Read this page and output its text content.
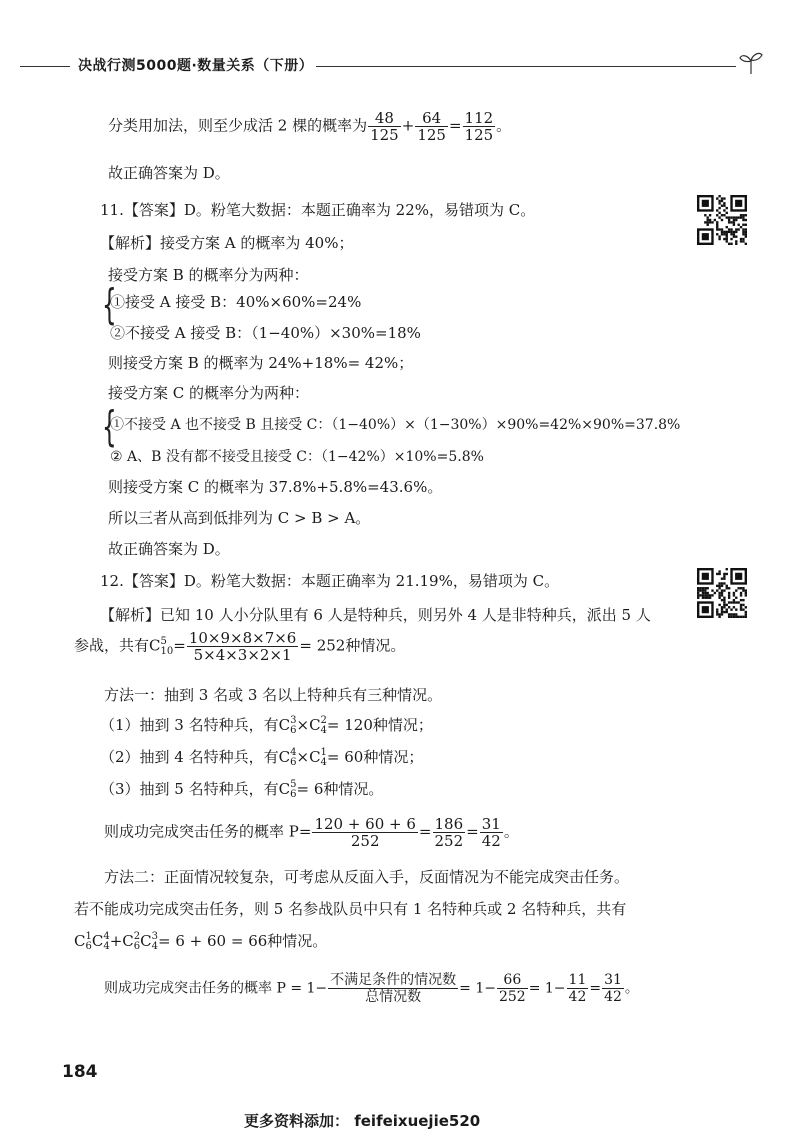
决战行测5000题·数量关系（下册）
分类用加法，则至少成活 2 棵的概率为 $\frac{48}{125} + \frac{64}{125} = \frac{112}{125}$ 。
故正确答案为 D。
11.【答案】D。粉笔大数据：本题正确率为 22%，易错项为 C。
【解析】接受方案 A 的概率为 40%；
接受方案 B 的概率分为两种：
{
①接受 A 接受 B：40%×60%=24%
②不接受 A 接受 B：（1−40%）×30%=18%
则接受方案 B 的概率为 24%+18%= 42%；
接受方案 C 的概率分为两种：
{
①不接受 A 也不接受 B 且接受 C：（1−40%）×（1−30%）×90%=42%×90%=37.8%
② A、B 没有都不接受且接受 C：（1−42%）×10%=5.8%
则接受方案 C 的概率为 37.8%+5.8%=43.6%。
所以三者从高到低排列为 C > B > A。
故正确答案为 D。
12.【答案】D。粉笔大数据：本题正确率为 21.19%，易错项为 C。
【解析】已知 10 人小分队里有 6 人是特种兵，则另外 4 人是非特种兵，派出 5 人
参战，共有C 5
$10 = \frac{10\times 9\times 8\times 7\times 6}{5\times 4\times 3\times 2\times 1} = 252$种情况。
方法一：抽到 3 名或 3 名以上特种兵有三种情况。
（1）抽到 3 名特种兵，有C 3
6 ×C 2
4 = 120种情况；
（2）抽到 4 名特种兵，有C 4
6 ×C 1
4 = 60种情况；
（3）抽到 5 名特种兵，有C 5
6 = 6种情况。
则成功完成突击任务的概率 $P= \frac{120 + 60 + 6}{252} = \frac{186}{252} = \frac{31}{42}$ 。
方法二：正面情况较复杂，可考虑从反面入手，反面情况为不能完成突击任务。
若不能成功完成突击任务，则 5 名参战队员中只有 1 名特种兵或 2 名特种兵，共有
C 1
6 C 4
4 +C 2
6 C 3
4 = 6 + 60 = 66种情况。
则成功完成突击任务的概率 $P = 1- \frac{\text{不满足条件的情况数}}{\text{总情况数}} = 1- \frac{66}{252} = 1- \frac{11}{42} = \frac{31}{42}$ 。
184
更多资料添加： feifeixuejie520
